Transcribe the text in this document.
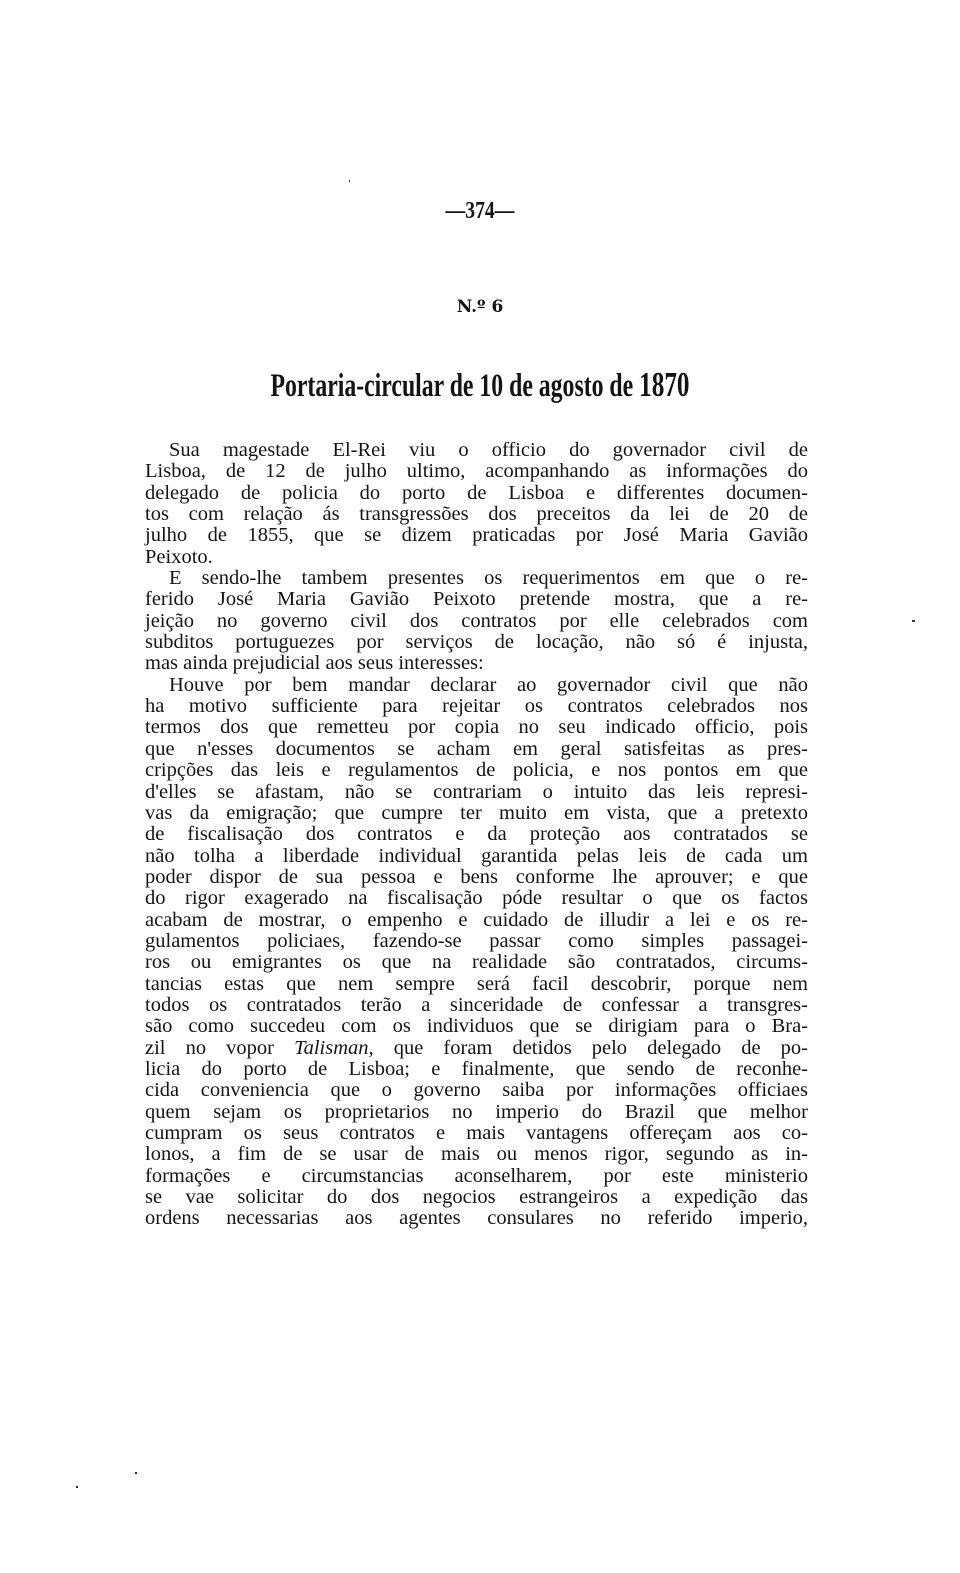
—374—
N.º 6
Portaria-circular de 10 de agosto de 1870
Sua magestade El-Rei viu o officio do governador civil de
Lisboa, de 12 de julho ultimo, acompanhando as informações do
delegado de policia do porto de Lisboa e differentes documen-
tos com relação ás transgressões dos preceitos da lei de 20 de
julho de 1855, que se dizem praticadas por José Maria Gavião
Peixoto.
E sendo-lhe tambem presentes os requerimentos em que o re-
ferido José Maria Gavião Peixoto pretende mostra, que a re-
jeição no governo civil dos contratos por elle celebrados com
subditos portuguezes por serviços de locação, não só é injusta,
mas ainda prejudicial aos seus interesses:
Houve por bem mandar declarar ao governador civil que não
ha motivo sufficiente para rejeitar os contratos celebrados nos
termos dos que remetteu por copia no seu indicado officio, pois
que n'esses documentos se acham em geral satisfeitas as pres-
cripções das leis e regulamentos de policia, e nos pontos em que
d'elles se afastam, não se contrariam o intuito das leis represi-
vas da emigração; que cumpre ter muito em vista, que a pretexto
de fiscalisação dos contratos e da proteção aos contratados se
não tolha a liberdade individual garantida pelas leis de cada um
poder dispor de sua pessoa e bens conforme lhe aprouver; e que
do rigor exagerado na fiscalisação póde resultar o que os factos
acabam de mostrar, o empenho e cuidado de illudir a lei e os re-
gulamentos policiaes, fazendo-se passar como simples passagei-
ros ou emigrantes os que na realidade são contratados, circums-
tancias estas que nem sempre será facil descobrir, porque nem
todos os contratados terão a sinceridade de confessar a transgres-
são como succedeu com os individuos que se dirigiam para o Bra-
zil no vopor Talisman, que foram detidos pelo delegado de po-
licia do porto de Lisboa; e finalmente, que sendo de reconhe-
cida conveniencia que o governo saiba por informações officiaes
quem sejam os proprietarios no imperio do Brazil que melhor
cumpram os seus contratos e mais vantagens offereçam aos co-
lonos, a fim de se usar de mais ou menos rigor, segundo as in-
formações e circumstancias aconselharem, por este ministerio
se vae solicitar do dos negocios estrangeiros a expedição das
ordens necessarias aos agentes consulares no referido imperio,
